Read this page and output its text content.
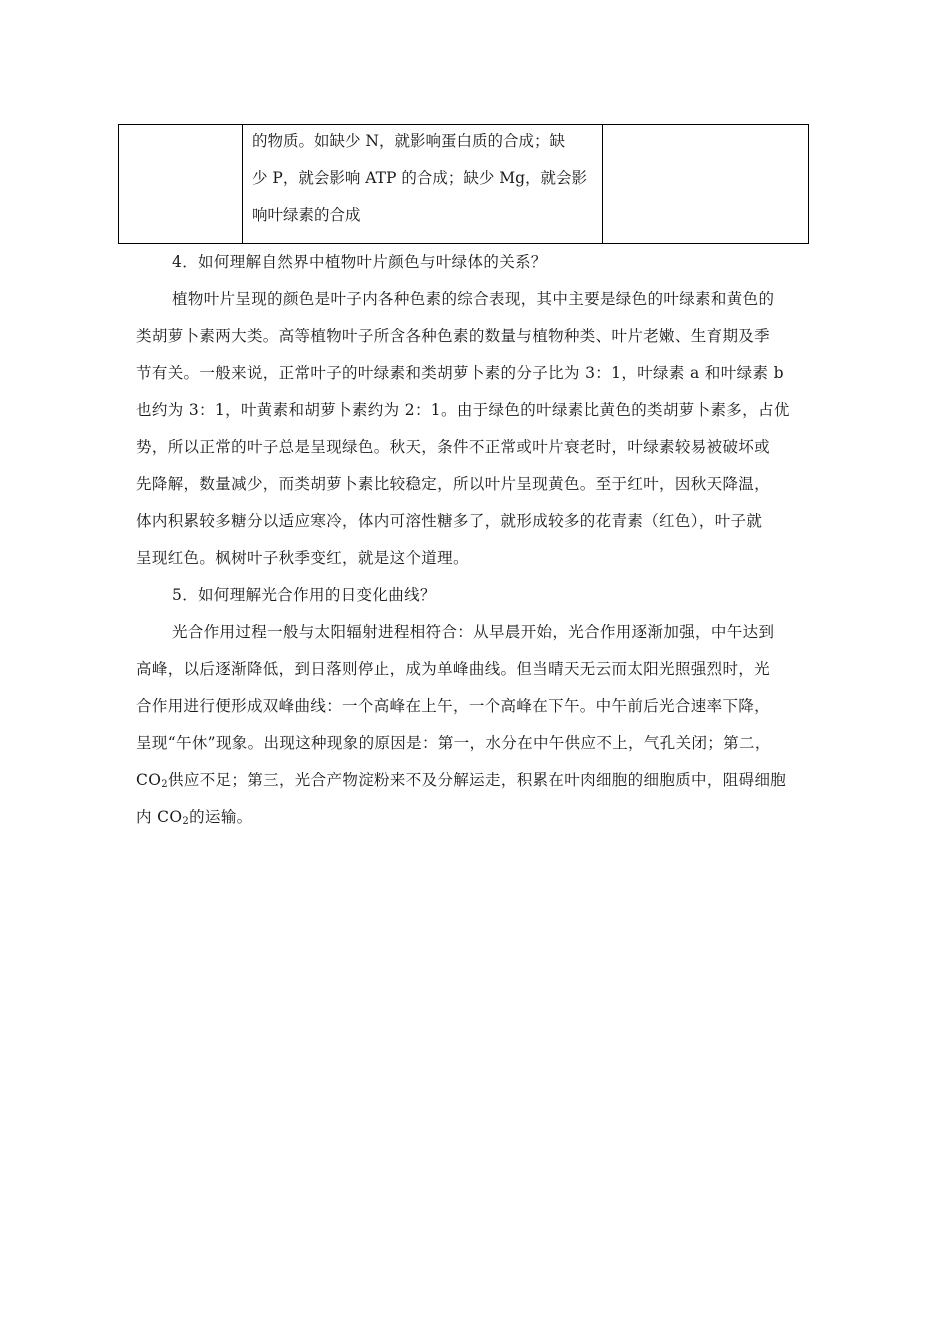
的物质。如缺少 N，就影响蛋白质的合成；缺
少 P，就会影响 ATP 的合成；缺少 Mg，就会影
响叶绿素的合成

4．如何理解自然界中植物叶片颜色与叶绿体的关系？
植物叶片呈现的颜色是叶子内各种色素的综合表现，其中主要是绿色的叶绿素和黄色的
类胡萝卜素两大类。高等植物叶子所含各种色素的数量与植物种类、叶片老嫩、生育期及季
节有关。一般来说，正常叶子的叶绿素和类胡萝卜素的分子比为 3：1，叶绿素 a 和叶绿素 b
也约为 3：1，叶黄素和胡萝卜素约为 2：1。由于绿色的叶绿素比黄色的类胡萝卜素多，占优
势，所以正常的叶子总是呈现绿色。秋天，条件不正常或叶片衰老时，叶绿素较易被破坏或
先降解，数量减少，而类胡萝卜素比较稳定，所以叶片呈现黄色。至于红叶，因秋天降温，
体内积累较多糖分以适应寒冷，体内可溶性糖多了，就形成较多的花青素（红色），叶子就
呈现红色。枫树叶子秋季变红，就是这个道理。
5．如何理解光合作用的日变化曲线？
光合作用过程一般与太阳辐射进程相符合：从早晨开始，光合作用逐渐加强，中午达到
高峰，以后逐渐降低，到日落则停止，成为单峰曲线。但当晴天无云而太阳光照强烈时，光
合作用进行便形成双峰曲线：一个高峰在上午，一个高峰在下午。中午前后光合速率下降，
呈现“午休”现象。出现这种现象的原因是：第一，水分在中午供应不上，气孔关闭；第二，
$CO_2$供应不足；第三，光合产物淀粉来不及分解运走，积累在叶肉细胞的细胞质中，阻碍细胞
内 $CO_2$的运输。
